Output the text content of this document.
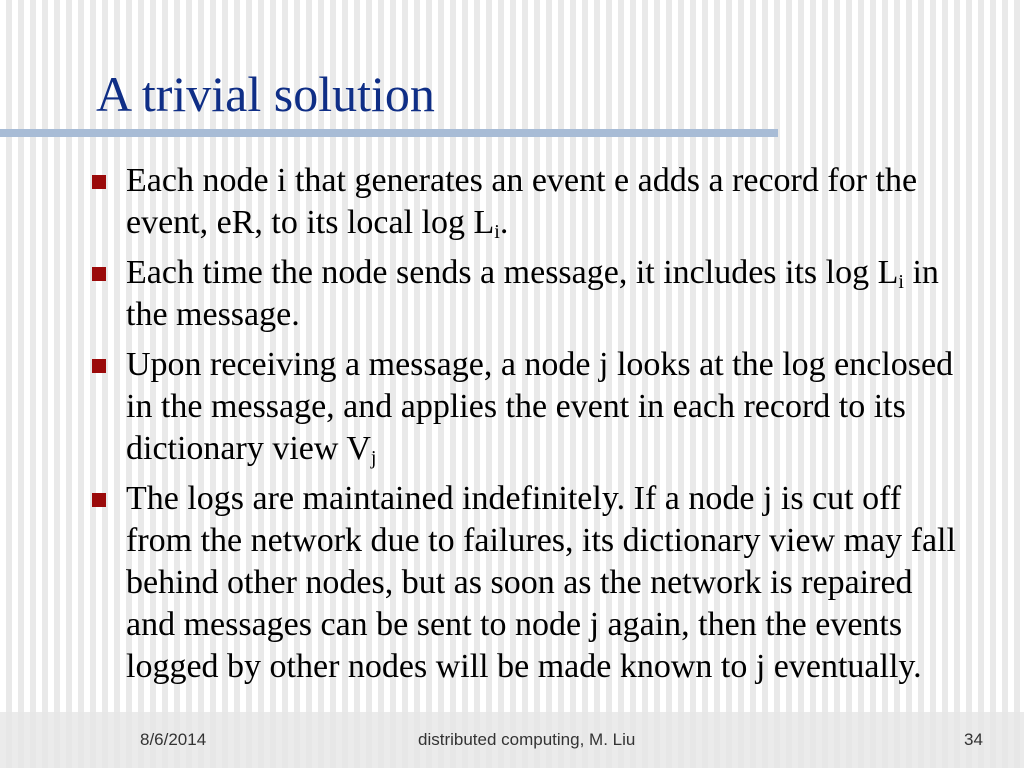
A trivial solution
Each node i that generates an event e adds a record for the event, eR, to its local $\log L_i$.
Each time the node sends a message, it includes its $\log L_i$ in the message.
Upon receiving a message, a node j looks at the log enclosed in the message, and applies the event in each record to its dictionary view $V_j$
The logs are maintained indefinitely. If a node j is cut off from the network due to failures, its dictionary view may fall behind other nodes, but as soon as the network is repaired and messages can be sent to node j again, then the events logged by other nodes will be made known to j eventually.
8/6/2014	distributed computing, M. Liu	34
